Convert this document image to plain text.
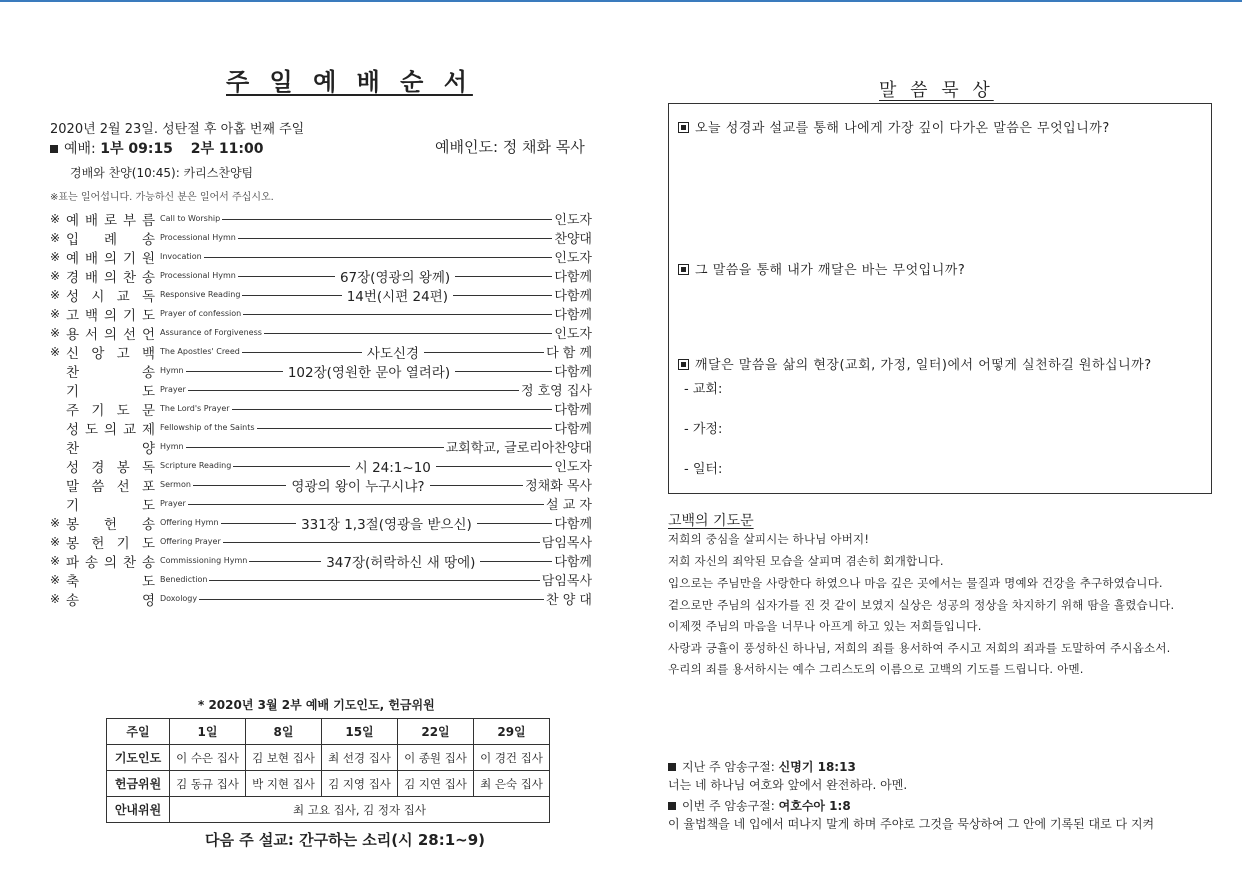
주 일 예 배 순 서
2020년 2월 23일. 성탄절 후 아홉 번째 주일
예배: 1부 09:15 2부 11:00	예배인도: 정 채화 목사
경배와 찬양(10:45): 카리스찬양팀
※표는 일어섭니다. 가능하신 분은 일어서 주십시오.
※ 예 배 로 부 름 Call to Worship	인도자
※ 입 례 송 Processional Hymn	찬양대
※ 예 배 의 기 원 Invocation	인도자
※ 경 배 의 찬 송 Processional Hymn	67장(영광의 왕께)	다함께
※ 성 시 교 독 Responsive Reading	14번(시편 24편)	다함께
※ 고 백 의 기 도 Prayer of confession	다함께
※ 용 서 의 선 언 Assurance of Forgiveness	인도자
※ 신 앙 고 백 The Apostles' Creed	사도신경	다 함 께
찬	송 Hymn	102장(영원한 문아 열려라)	다함께
기	도 Prayer	정 호영 집사
주 기 도 문 The Lord's Prayer	다함께
성 도 의 교 제 Fellowship of the Saints	다함께
찬	양 Hymn	교회학교, 글로리아찬양대
성 경 봉 독 Scripture Reading	시 24:1~10	인도자
말 씀 선 포 Sermon	영광의 왕이 누구시냐?	정채화 목사
기	도 Prayer	설 교 자
※ 봉 헌 송 Offering Hymn	331장 1,3절(영광을 받으신)	다함께
※ 봉 헌 기 도 Offering Prayer	담임목사
※ 파 송 의 찬 송 Commissioning Hymn	347장(허락하신 새 땅에)	다함께
※ 축	도 Benediction	담임목사
※ 송	영 Doxology	찬 양 대
* 2020년 3월 2부 예배 기도인도, 헌금위원
주일	1일	8일	15일	22일	29일
기도인도	이 수은 집사	김 보현 집사	최 선경 집사	이 종원 집사	이 경건 집사
헌금위원	김 동규 집사	박 지현 집사	김 지영 집사	김 지연 집사	최 은숙 집사
안내위원	최 고요 집사, 김 정자 집사				
다음 주 설교: 간구하는 소리(시 28:1~9)
말 씀 묵 상
오늘 성경과 설교를 통해 나에게 가장 깊이 다가온 말씀은 무엇입니까?
그 말씀을 통해 내가 깨달은 바는 무엇입니까?
깨달은 말씀을 삶의 현장(교회, 가정, 일터)에서 어떻게 실천하길 원하십니까?
- 교회:
- 가정:
- 일터:
고백의 기도문
저희의 중심을 살피시는 하나님 아버지!
저희 자신의 죄악된 모습을 살피며 겸손히 회개합니다.
입으로는 주님만을 사랑한다 하였으나 마음 깊은 곳에서는 물질과 명예와 건강을 추구하였습니다.
겉으로만 주님의 십자가를 진 것 같이 보였지 실상은 성공의 정상을 차지하기 위해 땀을 흘렸습니다.
이제껏 주님의 마음을 너무나 아프게 하고 있는 저희들입니다.
사랑과 긍휼이 풍성하신 하나님, 저희의 죄를 용서하여 주시고 저희의 죄과를 도말하여 주시옵소서.
우리의 죄를 용서하시는 예수 그리스도의 이름으로 고백의 기도를 드립니다. 아멘.
지난 주 암송구절: 신명기 18:13
너는 네 하나님 여호와 앞에서 완전하라. 아멘.
이번 주 암송구절: 여호수아 1:8
이 율법책을 네 입에서 떠나지 말게 하며 주야로 그것을 묵상하여 그 안에 기록된 대로 다 지켜
